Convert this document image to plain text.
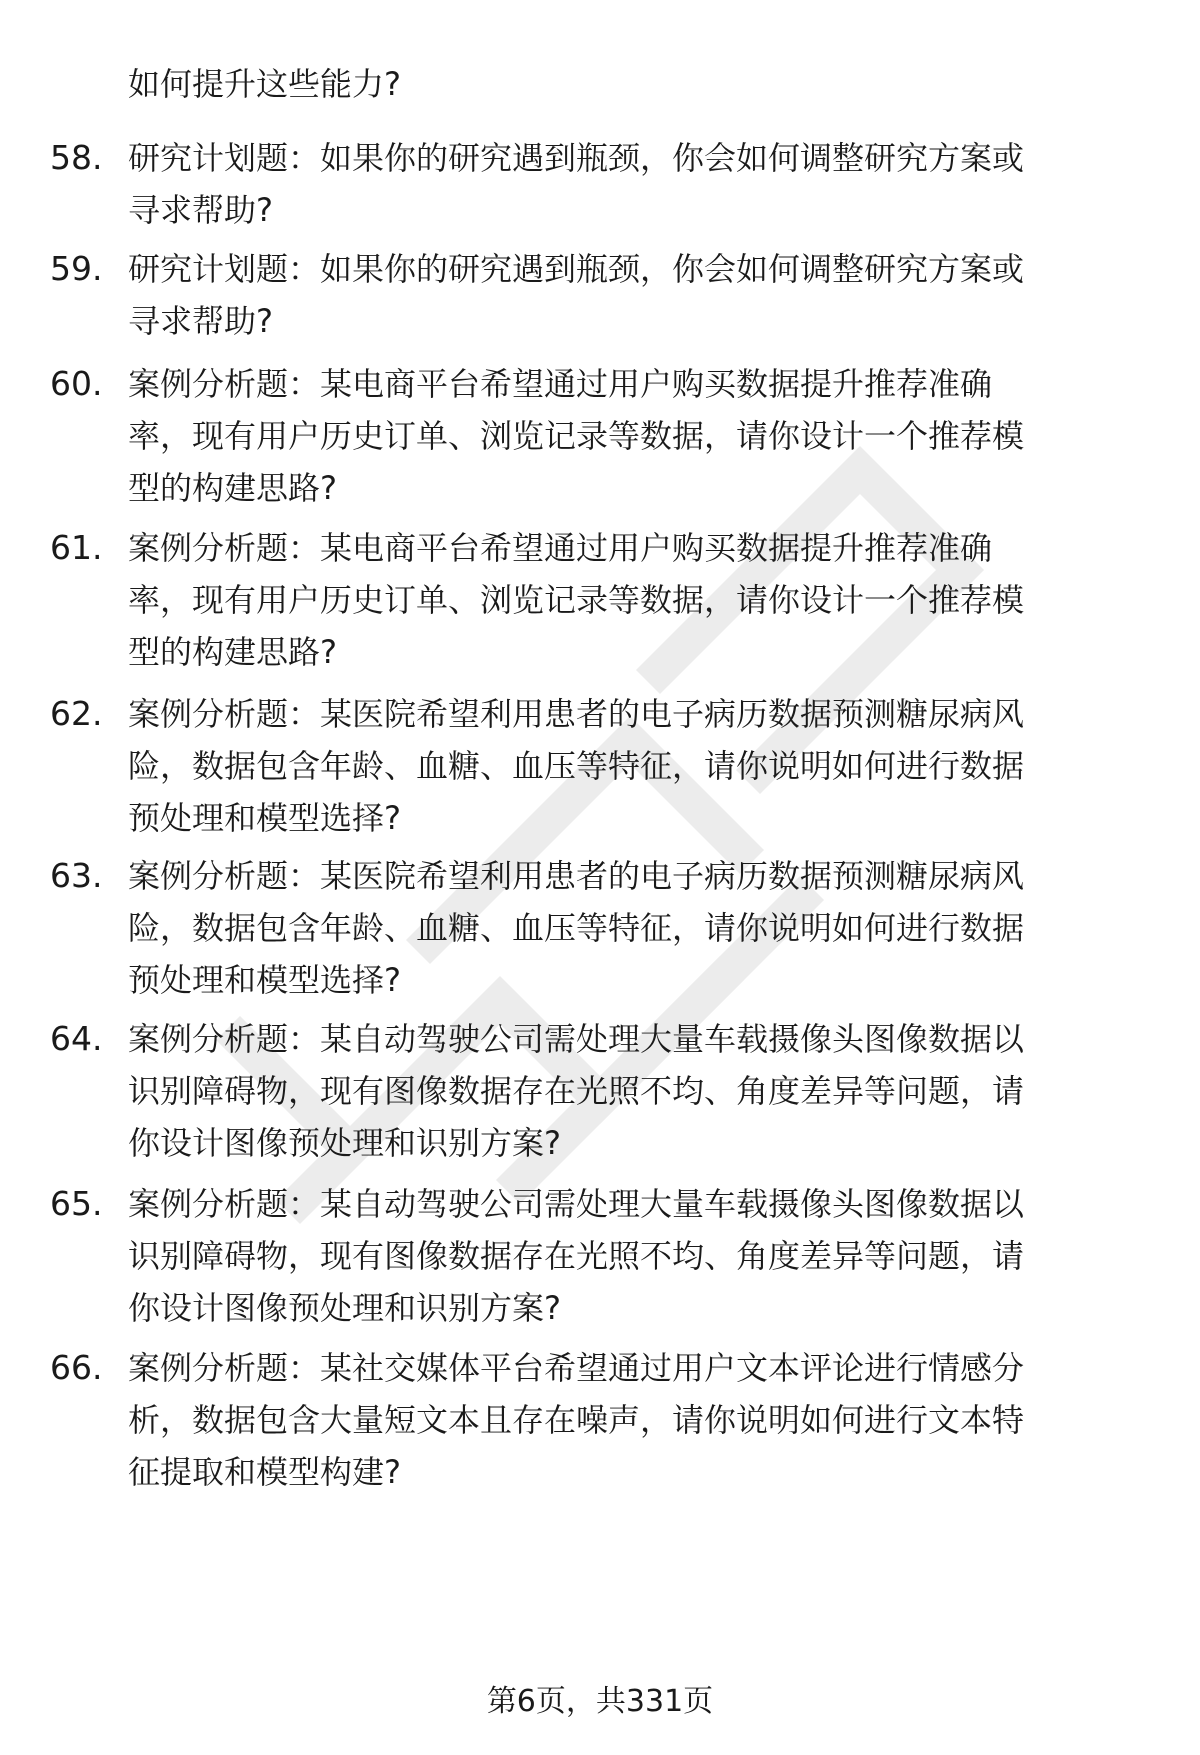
如何提升这些能力?
58. 研究计划题：如果你的研究遇到瓶颈，你会如何调整研究方案或
寻求帮助?
59. 研究计划题：如果你的研究遇到瓶颈，你会如何调整研究方案或
寻求帮助?
60. 案例分析题：某电商平台希望通过用户购买数据提升推荐准确
率，现有用户历史订单、浏览记录等数据，请你设计一个推荐模
型的构建思路?
61. 案例分析题：某电商平台希望通过用户购买数据提升推荐准确
率，现有用户历史订单、浏览记录等数据，请你设计一个推荐模
型的构建思路?
62. 案例分析题：某医院希望利用患者的电子病历数据预测糖尿病风
险，数据包含年龄、血糖、血压等特征，请你说明如何进行数据
预处理和模型选择?
63. 案例分析题：某医院希望利用患者的电子病历数据预测糖尿病风
险，数据包含年龄、血糖、血压等特征，请你说明如何进行数据
预处理和模型选择?
64. 案例分析题：某自动驾驶公司需处理大量车载摄像头图像数据以
识别障碍物，现有图像数据存在光照不均、角度差异等问题，请
你设计图像预处理和识别方案?
65. 案例分析题：某自动驾驶公司需处理大量车载摄像头图像数据以
识别障碍物，现有图像数据存在光照不均、角度差异等问题，请
你设计图像预处理和识别方案?
66. 案例分析题：某社交媒体平台希望通过用户文本评论进行情感分
析，数据包含大量短文本且存在噪声，请你说明如何进行文本特
征提取和模型构建?
第6页，共331页
